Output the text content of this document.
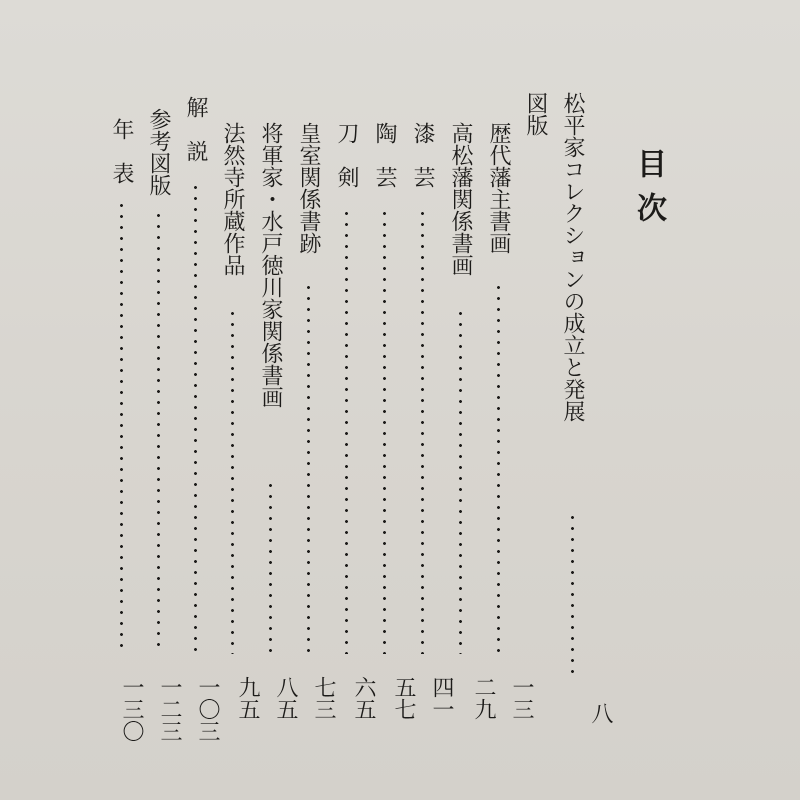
目次
松平家コレクションの成立と発展
八
図版
歴代藩主書画
一三
高松藩関係書画
二九
漆　芸
四一
陶　芸
五七
刀　剣
六五
皇室関係書跡
七三
将軍家・水戸徳川家関係書画
八五
法然寺所蔵作品
九五
解　説
一〇三
参考図版
一二三
年　表
一三〇
